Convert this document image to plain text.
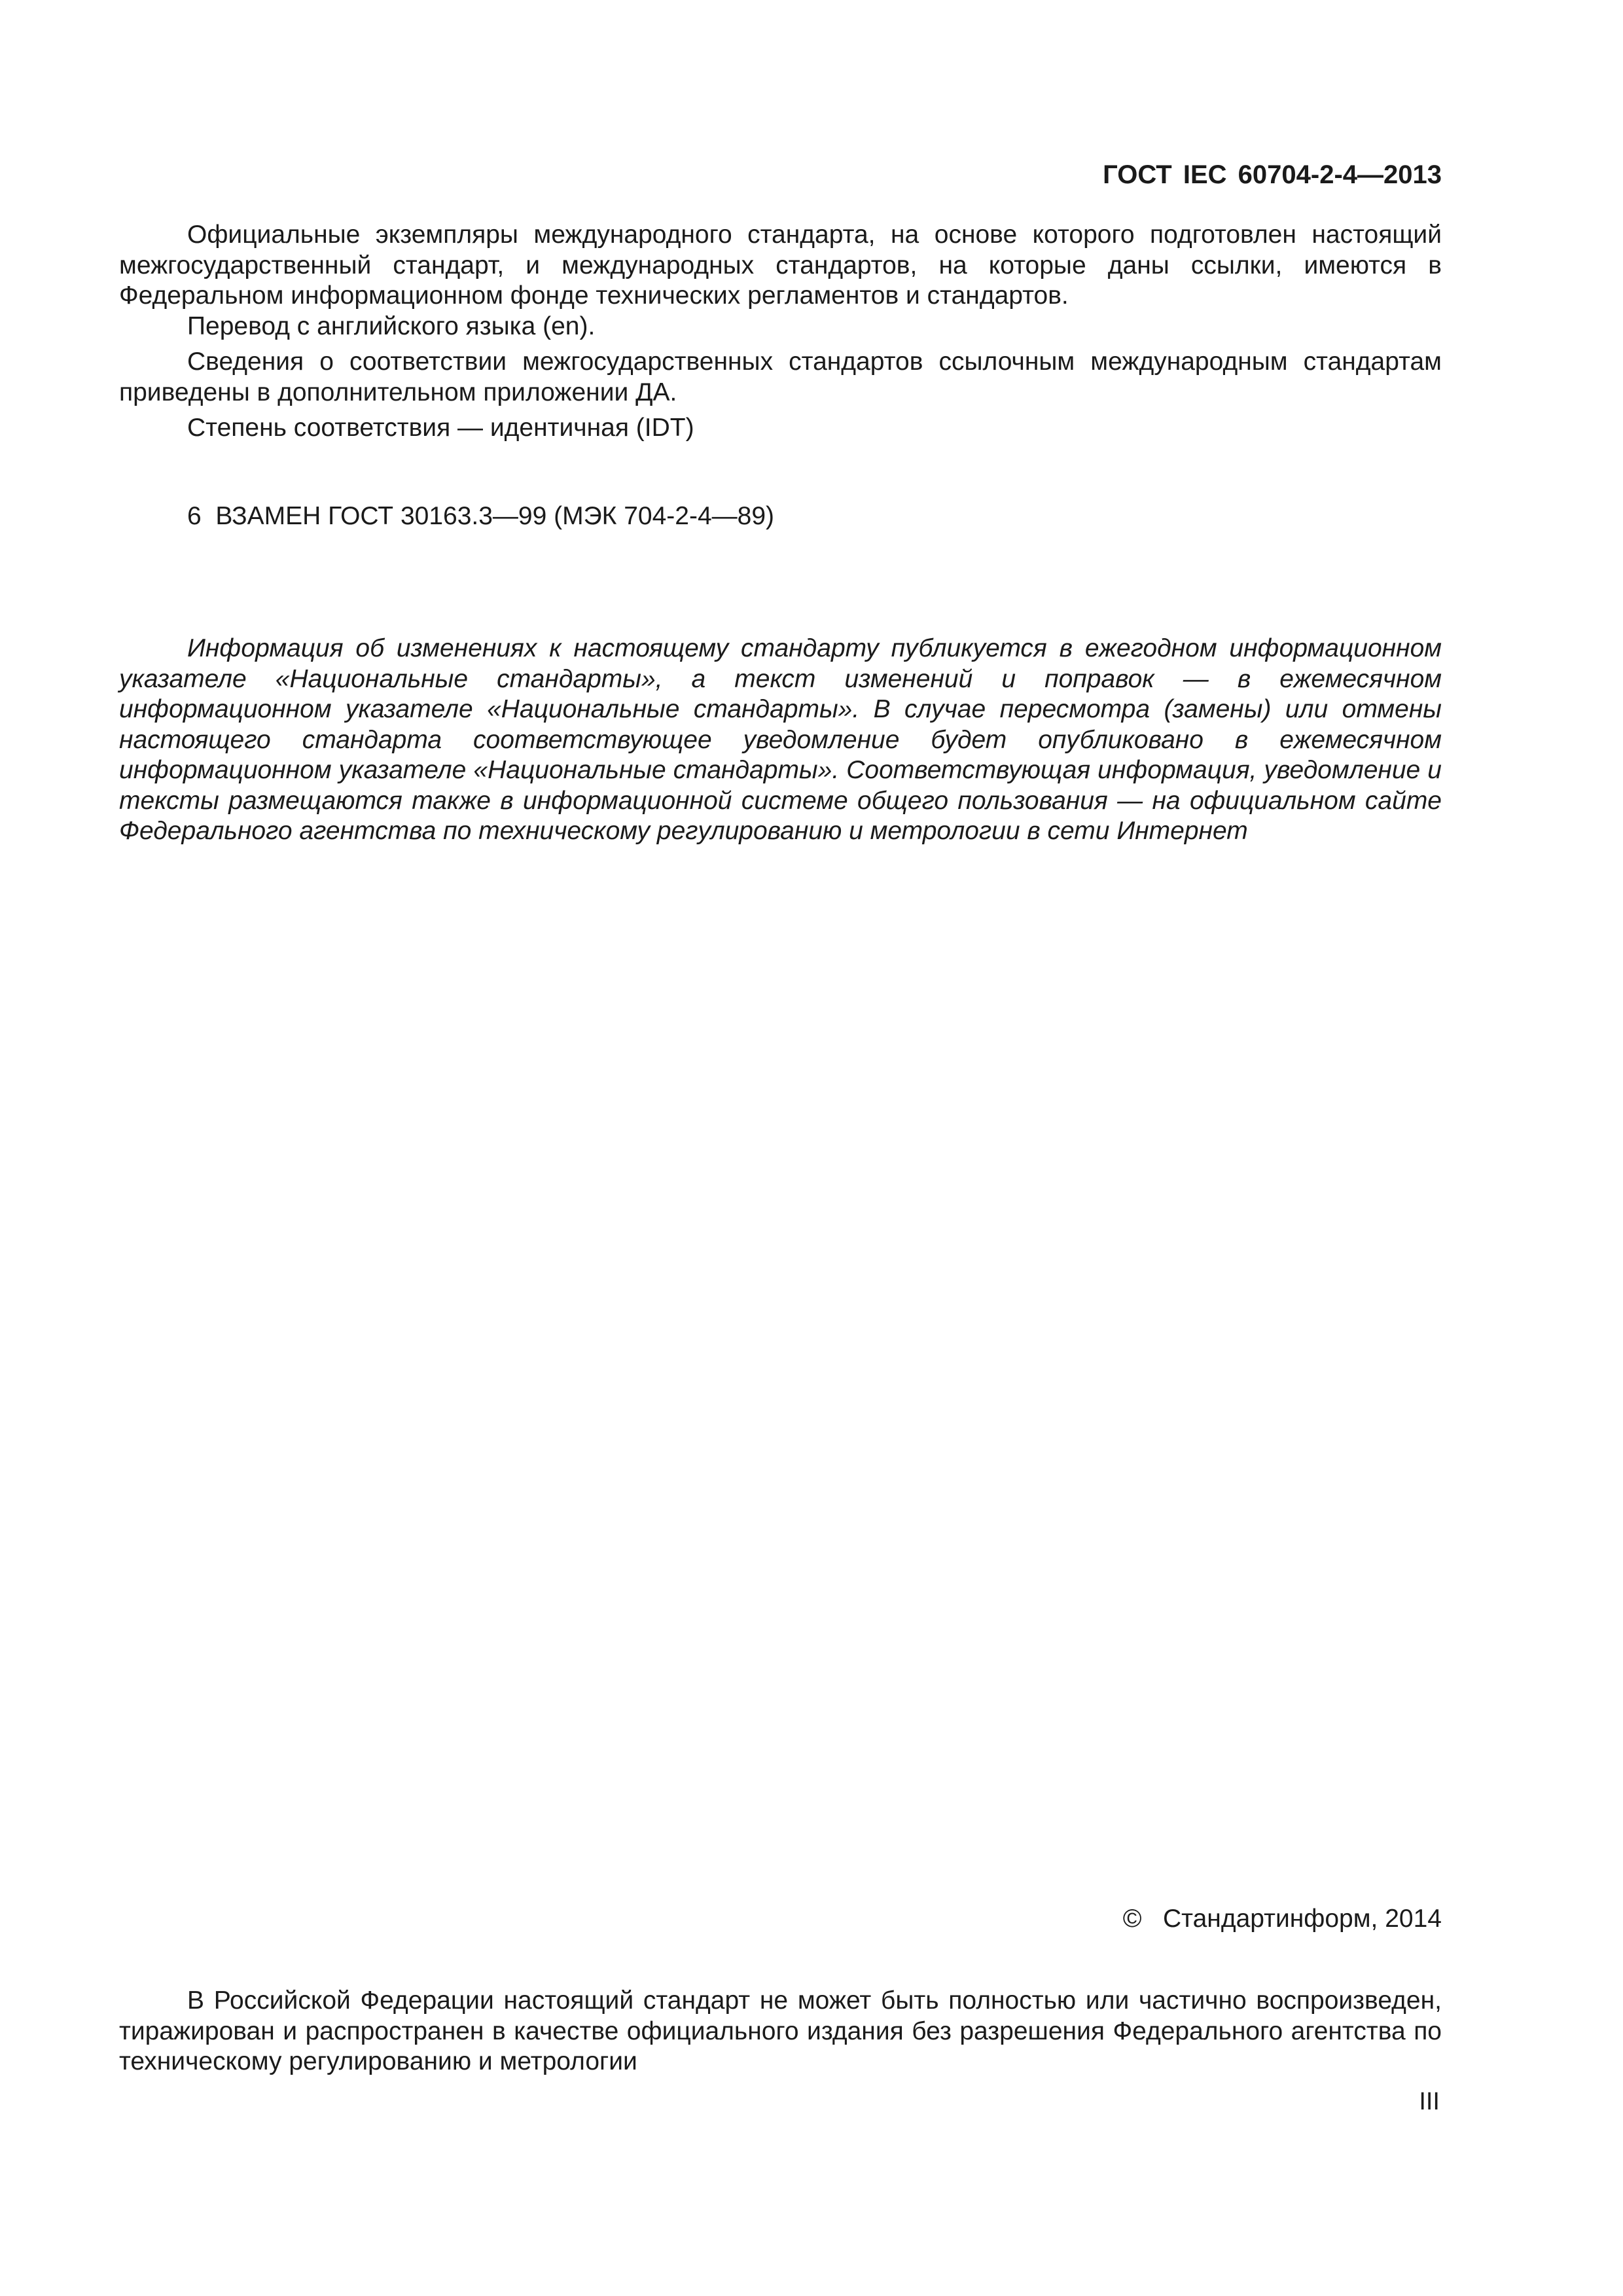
ГОСТ IEC 60704-2-4—2013

Официальные экземпляры международного стандарта, на основе которого подготовлен настоящий межгосударственный стандарт, и международных стандартов, на которые даны ссылки, имеются в Федеральном информационном фонде технических регламентов и стандартов.

Перевод с английского языка (en).

Сведения о соответствии межгосударственных стандартов ссылочным международным стандартам приведены в дополнительном приложении ДА.

Степень соответствия — идентичная (IDT)

6 ВЗАМЕН ГОСТ 30163.3—99 (МЭК 704-2-4—89)

Информация об изменениях к настоящему стандарту публикуется в ежегодном информационном указателе «Национальные стандарты», а текст изменений и поправок — в ежемесячном информационном указателе «Национальные стандарты». В случае пересмотра (замены) или отмены настоящего стандарта соответствующее уведомление будет опубликовано в ежемесячном информационном указателе «Национальные стандарты». Соответствующая информация, уведомление и тексты размещаются также в информационной системе общего пользования — на официальном сайте Федерального агентства по техническому регулированию и метрологии в сети Интернет

© Стандартинформ, 2014

В Российской Федерации настоящий стандарт не может быть полностью или частично воспроизведен, тиражирован и распространен в качестве официального издания без разрешения Федерального агентства по техническому регулированию и метрологии

III
